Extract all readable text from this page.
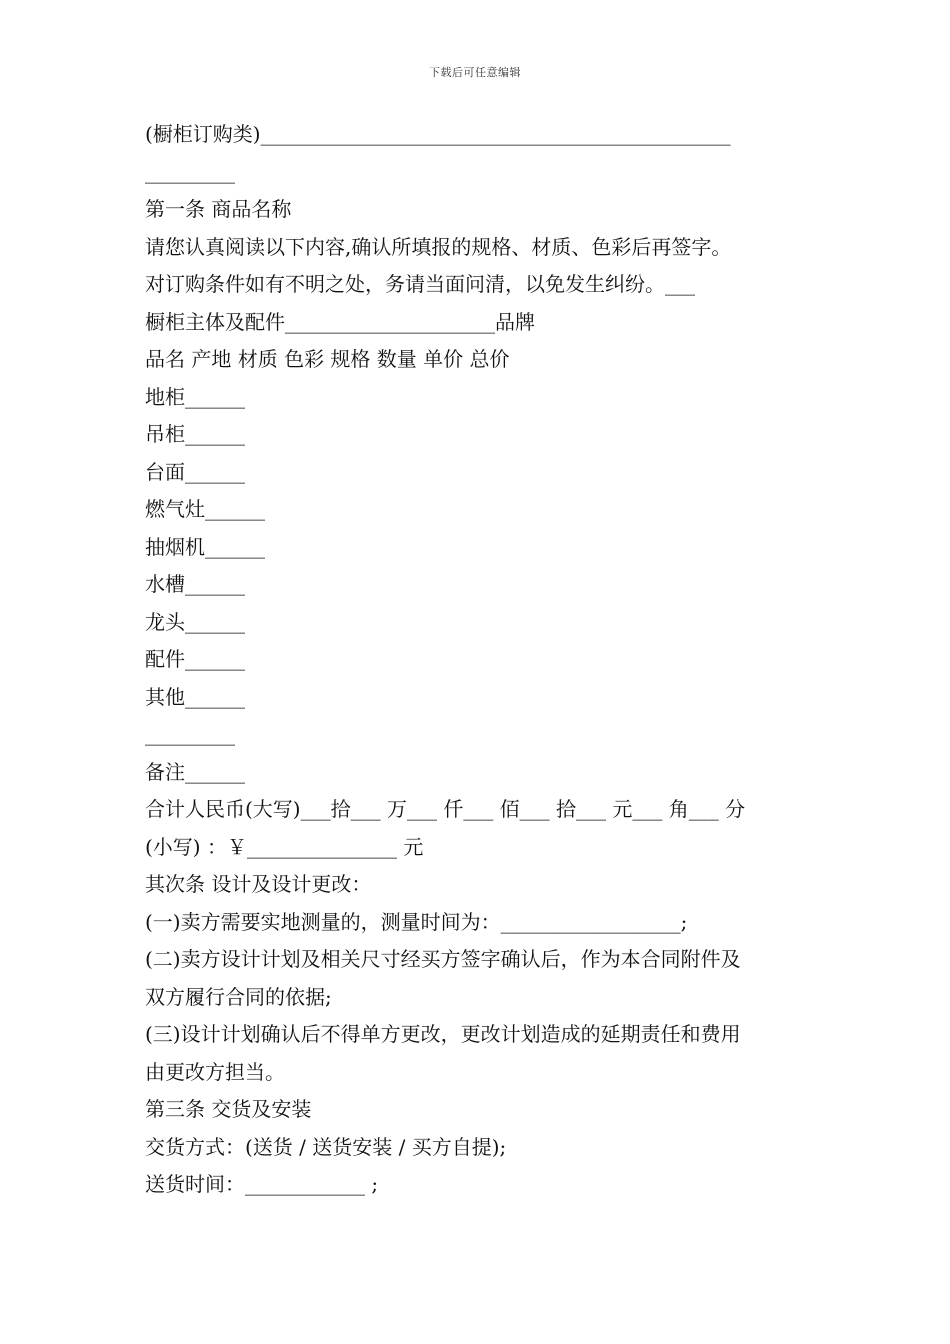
下载后可任意编辑
(橱柜订购类)_______________________________________________
_________
第一条 商品名称
请您认真阅读以下内容,确认所填报的规格、材质、色彩后再签字。
对订购条件如有不明之处，务请当面问清，以免发生纠纷。___
橱柜主体及配件_____________________品牌
品名 产地 材质 色彩 规格 数量 单价 总价
地柜______
吊柜______
台面______
燃气灶______
抽烟机______
水槽______
龙头______
配件______
其他______
_________
备注______
合计人民币(大写)___拾___ 万___ 仟___ 佰___ 拾___ 元___ 角___ 分
(小写) ：￥_______________ 元
其次条 设计及设计更改：
(一)卖方需要实地测量的，测量时间为：__________________;
(二)卖方设计计划及相关尺寸经买方签字确认后，作为本合同附件及
双方履行合同的依据;
(三)设计计划确认后不得单方更改，更改计划造成的延期责任和费用
由更改方担当。
第三条 交货及安装
交货方式：(送货 / 送货安装 / 买方自提);
送货时间：____________ ;
